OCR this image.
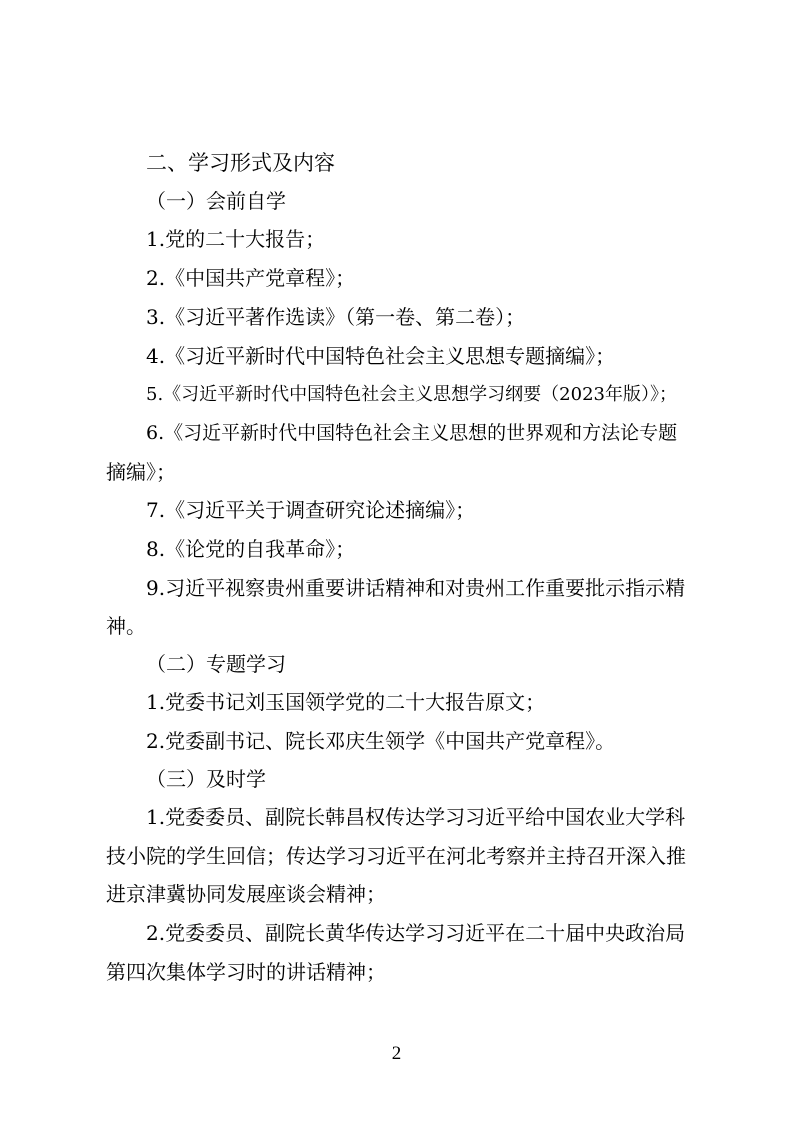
二、学习形式及内容
（一）会前自学
1.党的二十大报告；
2.《中国共产党章程》；
3.《习近平著作选读》（第一卷、第二卷）；
4.《习近平新时代中国特色社会主义思想专题摘编》；
5.《习近平新时代中国特色社会主义思想学习纲要（2023年版）》；
6.《习近平新时代中国特色社会主义思想的世界观和方法论专题
摘编》；
7.《习近平关于调查研究论述摘编》；
8.《论党的自我革命》；
9.习近平视察贵州重要讲话精神和对贵州工作重要批示指示精
神。
（二）专题学习
1.党委书记刘玉国领学党的二十大报告原文；
2.党委副书记、院长邓庆生领学《中国共产党章程》。
（三）及时学
1.党委委员、副院长韩昌权传达学习习近平给中国农业大学科
技小院的学生回信；传达学习习近平在河北考察并主持召开深入推
进京津冀协同发展座谈会精神；
2.党委委员、副院长黄华传达学习习近平在二十届中央政治局
第四次集体学习时的讲话精神；
2
